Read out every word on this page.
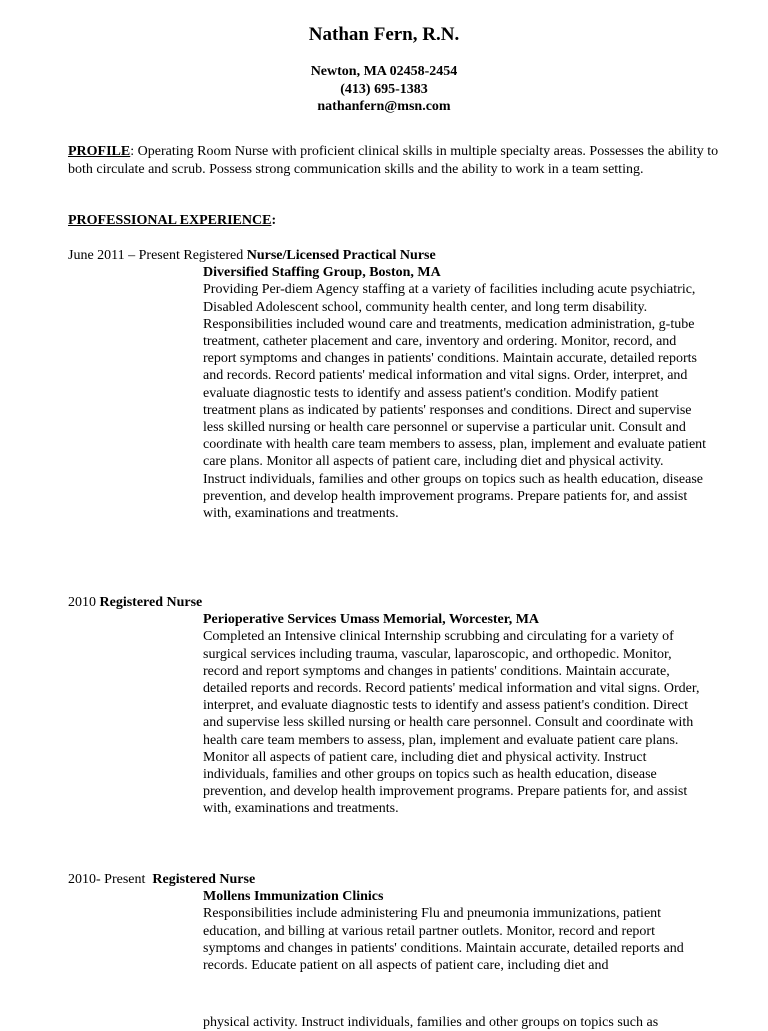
Nathan Fern, R.N.
Newton, MA 02458-2454
(413) 695-1383
nathanfern@msn.com
PROFILE: Operating Room Nurse with proficient clinical skills in multiple specialty areas. Possesses the ability to both circulate and scrub. Possess strong communication skills and the ability to work in a team setting.
PROFESSIONAL EXPERIENCE:
June 2011 – Present Registered Nurse/Licensed Practical Nurse
Diversified Staffing Group, Boston, MA
Providing Per-diem Agency staffing at a variety of facilities including acute psychiatric, Disabled Adolescent school, community health center, and long term disability. Responsibilities included wound care and treatments, medication administration, g-tube treatment, catheter placement and care, inventory and ordering. Monitor, record, and report symptoms and changes in patients' conditions. Maintain accurate, detailed reports and records. Record patients' medical information and vital signs. Order, interpret, and evaluate diagnostic tests to identify and assess patient's condition. Modify patient treatment plans as indicated by patients' responses and conditions. Direct and supervise less skilled nursing or health care personnel or supervise a particular unit. Consult and coordinate with health care team members to assess, plan, implement and evaluate patient care plans. Monitor all aspects of patient care, including diet and physical activity. Instruct individuals, families and other groups on topics such as health education, disease prevention, and develop health improvement programs. Prepare patients for, and assist with, examinations and treatments.
2010 Registered Nurse
Perioperative Services Umass Memorial, Worcester, MA
Completed an Intensive clinical Internship scrubbing and circulating for a variety of surgical services including trauma, vascular, laparoscopic, and orthopedic. Monitor, record and report symptoms and changes in patients' conditions. Maintain accurate, detailed reports and records. Record patients' medical information and vital signs. Order, interpret, and evaluate diagnostic tests to identify and assess patient's condition. Direct and supervise less skilled nursing or health care personnel. Consult and coordinate with health care team members to assess, plan, implement and evaluate patient care plans. Monitor all aspects of patient care, including diet and physical activity. Instruct individuals, families and other groups on topics such as health education, disease prevention, and develop health improvement programs. Prepare patients for, and assist with, examinations and treatments.
2010- Present  Registered Nurse
Mollens Immunization Clinics
Responsibilities include administering Flu and pneumonia immunizations, patient education, and billing at various retail partner outlets. Monitor, record and report symptoms and changes in patients' conditions. Maintain accurate, detailed reports and records. Educate patient on all aspects of patient care, including diet and
physical activity. Instruct individuals, families and other groups on topics such as
